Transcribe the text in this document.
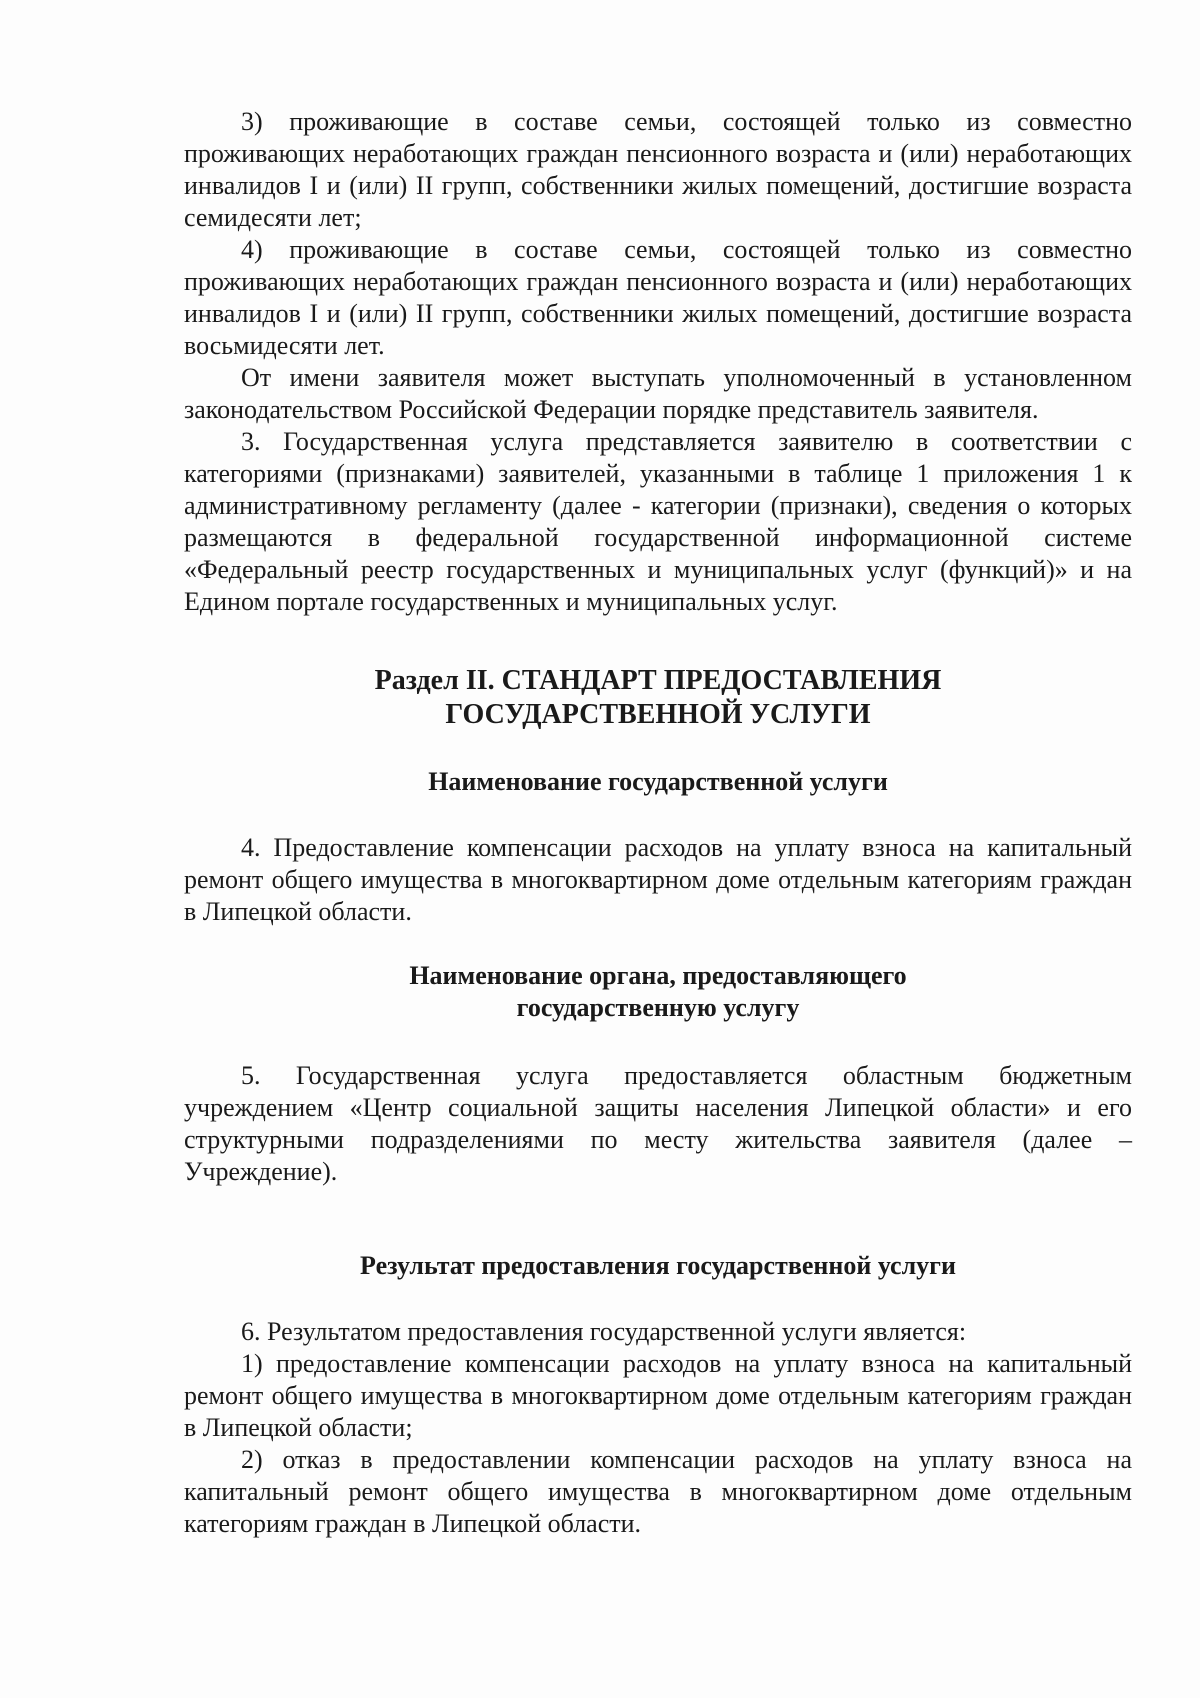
3) проживающие в составе семьи, состоящей только из совместно проживающих неработающих граждан пенсионного возраста и (или) неработающих инвалидов I и (или) II групп, собственники жилых помещений, достигшие возраста семидесяти лет;

4) проживающие в составе семьи, состоящей только из совместно проживающих неработающих граждан пенсионного возраста и (или) неработающих инвалидов I и (или) II групп, собственники жилых помещений, достигшие возраста восьмидесяти лет.

От имени заявителя может выступать уполномоченный в установленном законодательством Российской Федерации порядке представитель заявителя.

3. Государственная услуга представляется заявителю в соответствии с категориями (признаками) заявителей, указанными в таблице 1 приложения 1 к административному регламенту (далее - категории (признаки), сведения о которых размещаются в федеральной государственной информационной системе «Федеральный реестр государственных и муниципальных услуг (функций)» и на Едином портале государственных и муниципальных услуг.

Раздел II. СТАНДАРТ ПРЕДОСТАВЛЕНИЯ
ГОСУДАРСТВЕННОЙ УСЛУГИ
Наименование государственной услуги

4. Предоставление компенсации расходов на уплату взноса на капитальный ремонт общего имущества в многоквартирном доме отдельным категориям граждан в Липецкой области.

Наименование органа, предоставляющего
государственную услугу

5. Государственная услуга предоставляется областным бюджетным учреждением «Центр социальной защиты населения Липецкой области» и его структурными подразделениями по месту жительства заявителя (далее – Учреждение).

Результат предоставления государственной услуги

6. Результатом предоставления государственной услуги является:

1) предоставление компенсации расходов на уплату взноса на капитальный ремонт общего имущества в многоквартирном доме отдельным категориям граждан в Липецкой области;

2) отказ в предоставлении компенсации расходов на уплату взноса на капитальный ремонт общего имущества в многоквартирном доме отдельным категориям граждан в Липецкой области.
